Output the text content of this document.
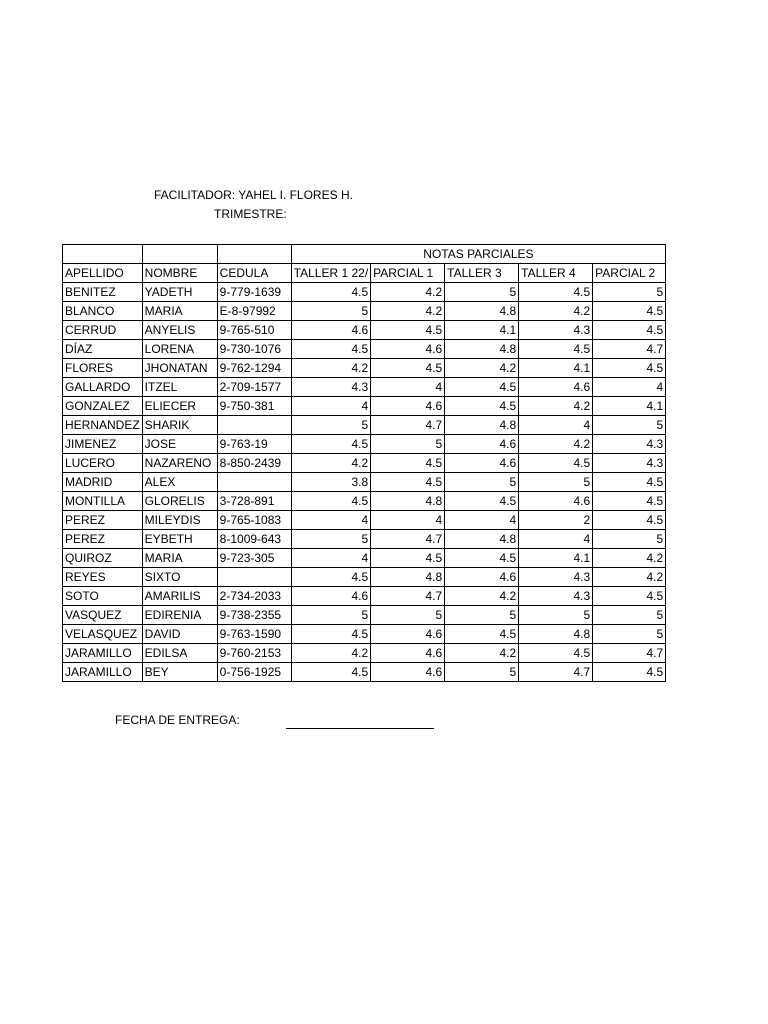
FACILITADOR: YAHEL I. FLORES H.
TRIMESTRE:
			NOTAS PARCIALES				
APELLIDO	NOMBRE	CEDULA	TALLER 1 22/	PARCIAL 1	TALLER 3	TALLER 4	PARCIAL 2
BENITEZ	YADETH	9-779-1639	4.5	4.2	5	4.5	5
BLANCO	MARIA	E-8-97992	5	4.2	4.8	4.2	4.5
CERRUD	ANYELIS	9-765-510	4.6	4.5	4.1	4.3	4.5
DÍAZ	LORENA	9-730-1076	4.5	4.6	4.8	4.5	4.7
FLORES	JHONATAN	9-762-1294	4.2	4.5	4.2	4.1	4.5
GALLARDO	ITZEL	2-709-1577	4.3	4	4.5	4.6	4
GONZALEZ	ELIECER	9-750-381	4	4.6	4.5	4.2	4.1
HERNANDEZ	SHARIK		5	4.7	4.8	4	5
JIMENEZ	JOSE	9-763-19	4.5	5	4.6	4.2	4.3
LUCERO	NAZARENO	8-850-2439	4.2	4.5	4.6	4.5	4.3
MADRID	ALEX		3.8	4.5	5	5	4.5
MONTILLA	GLORELIS	3-728-891	4.5	4.8	4.5	4.6	4.5
PEREZ	MILEYDIS	9-765-1083	4	4	4	2	4.5
PEREZ	EYBETH	8-1009-643	5	4.7	4.8	4	5
QUIROZ	MARIA	9-723-305	4	4.5	4.5	4.1	4.2
REYES	SIXTO		4.5	4.8	4.6	4.3	4.2
SOTO	AMARILIS	2-734-2033	4.6	4.7	4.2	4.3	4.5
VASQUEZ	EDIRENIA	9-738-2355	5	5	5	5	5
VELASQUEZ	DAVID	9-763-1590	4.5	4.6	4.5	4.8	5
JARAMILLO	EDILSA	9-760-2153	4.2	4.6	4.2	4.5	4.7
JARAMILLO	BEY	0-756-1925	4.5	4.6	5	4.7	4.5
FECHA DE ENTREGA:
